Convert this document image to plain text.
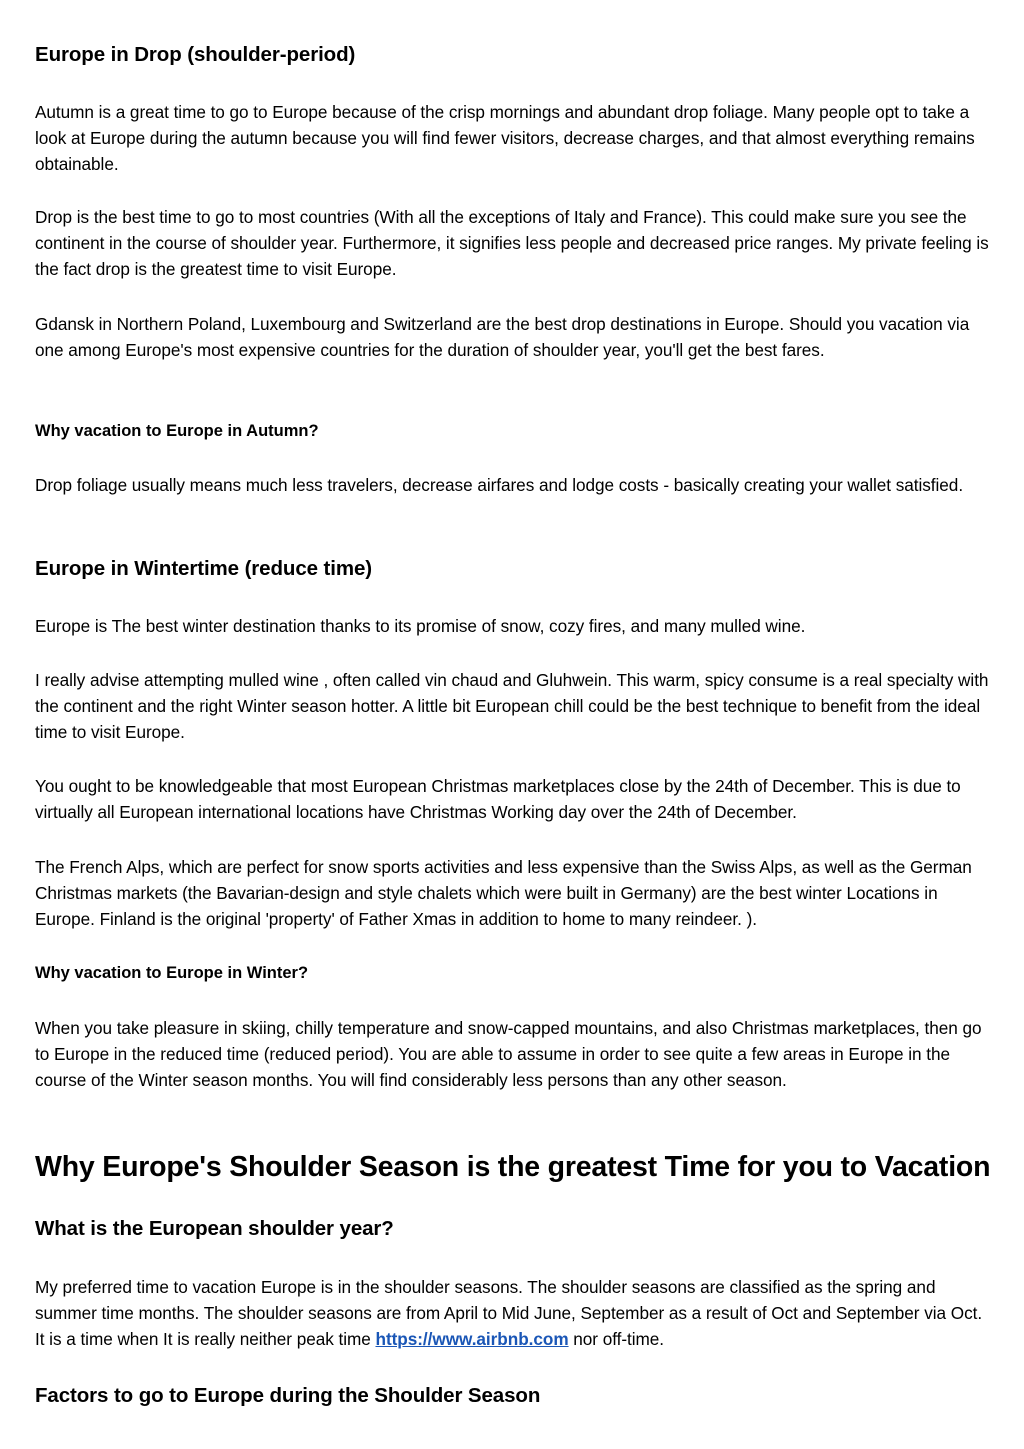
Europe in Drop (shoulder-period)

Autumn is a great time to go to Europe because of the crisp mornings and abundant drop foliage. Many people opt to take a look at Europe during the autumn because you will find fewer visitors, decrease charges, and that almost everything remains obtainable.

Drop is the best time to go to most countries (With all the exceptions of Italy and France). This could make sure you see the continent in the course of shoulder year. Furthermore, it signifies less people and decreased price ranges. My private feeling is the fact drop is the greatest time to visit Europe.

Gdansk in Northern Poland, Luxembourg and Switzerland are the best drop destinations in Europe. Should you vacation via one among Europe's most expensive countries for the duration of shoulder year, you'll get the best fares.

Why vacation to Europe in Autumn?

Drop foliage usually means much less travelers, decrease airfares and lodge costs - basically creating your wallet satisfied.

Europe in Wintertime (reduce time)

Europe is The best winter destination thanks to its promise of snow, cozy fires, and many mulled wine.

I really advise attempting mulled wine , often called vin chaud and Gluhwein. This warm, spicy consume is a real specialty with the continent and the right Winter season hotter. A little bit European chill could be the best technique to benefit from the ideal time to visit Europe.

You ought to be knowledgeable that most European Christmas marketplaces close by the 24th of December. This is due to virtually all European international locations have Christmas Working day over the 24th of December.

The French Alps, which are perfect for snow sports activities and less expensive than the Swiss Alps, as well as the German Christmas markets (the Bavarian-design and style chalets which were built in Germany) are the best winter Locations in Europe. Finland is the original 'property' of Father Xmas in addition to home to many reindeer. ).

Why vacation to Europe in Winter?

When you take pleasure in skiing, chilly temperature and snow-capped mountains, and also Christmas marketplaces, then go to Europe in the reduced time (reduced period). You are able to assume in order to see quite a few areas in Europe in the course of the Winter season months. You will find considerably less persons than any other season.

Why Europe's Shoulder Season is the greatest Time for you to Vacation
What is the European shoulder year?

My preferred time to vacation Europe is in the shoulder seasons. The shoulder seasons are classified as the spring and summer time months. The shoulder seasons are from April to Mid June, September as a result of Oct and September via Oct. It is a time when It is really neither peak time https://www.airbnb.com nor off-time.

Factors to go to Europe during the Shoulder Season
